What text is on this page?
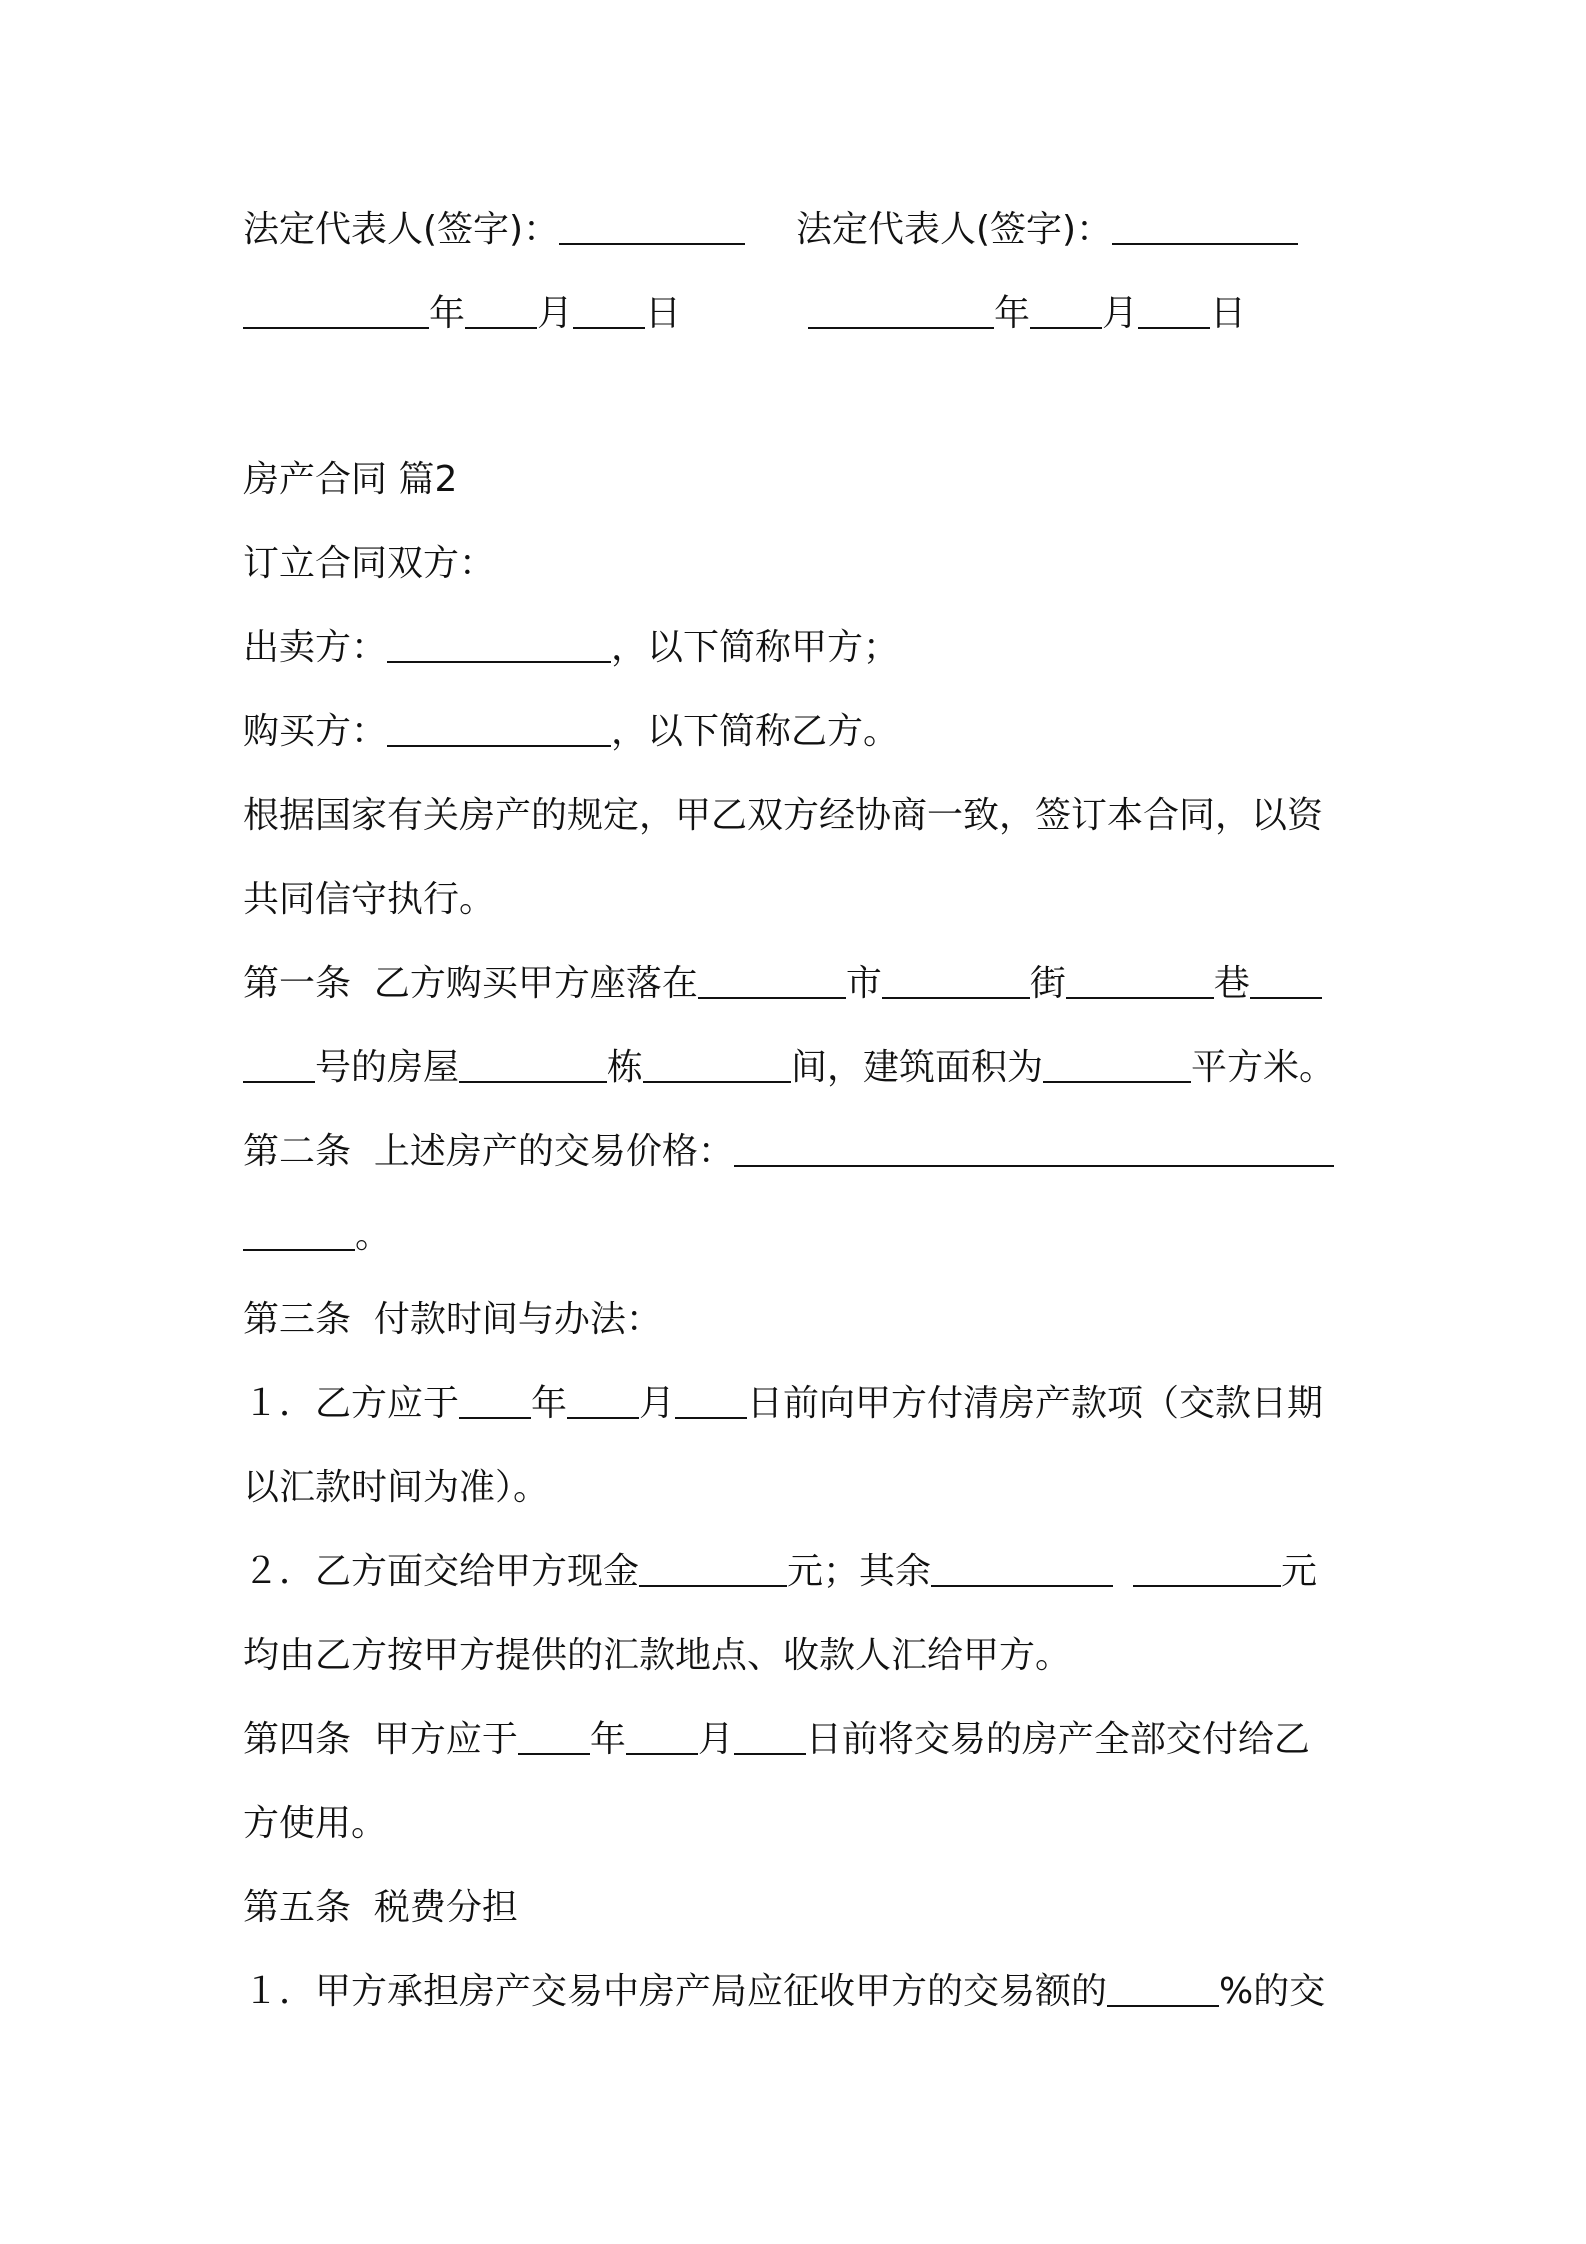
法定代表人(签字)：	法定代表人(签字)：
年 月 日	年 月 日
房产合同 篇2
订立合同双方：
出卖方：	，以下简称甲方；
购买方：	，以下简称乙方。
根据国家有关房产的规定，甲乙双方经协商一致，签订本合同，以资
共同信守执行。
第一条  乙方购买甲方座落在	市	街	巷
号的房屋	栋	间，建筑面积为	平方米。
第二条  上述房产的交易价格：
。
第三条  付款时间与办法：
１．乙方应于 年 月 日前向甲方付清房产款项（交款日期
以汇款时间为准）。
２．乙方面交给甲方现金	元；其余	元
均由乙方按甲方提供的汇款地点、收款人汇给甲方。
第四条  甲方应于 年 月 日前将交易的房产全部交付给乙
方使用。
第五条  税费分担
１．甲方承担房产交易中房产局应征收甲方的交易额的	%的交
